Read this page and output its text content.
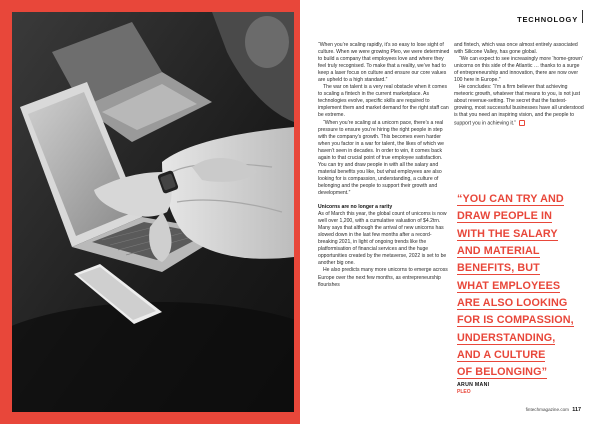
TECHNOLOGY

“When you’re scaling rapidly, it’s so easy to lose sight of culture. When we were growing Pleo, we were determined to build a company that employees love and where they feel truly recognised. To make that a reality, we’ve had to keep a laser focus on culture and ensure our core values are upheld to a high standard.”

The war on talent is a very real obstacle when it comes to scaling a fintech in the current marketplace. As technologies evolve, specific skills are required to implement them and market demand for the right staff can be extreme.

“When you’re scaling at a unicorn pace, there’s a real pressure to ensure you’re hiring the right people in step with the company’s growth. This becomes even harder when you factor in a war for talent, the likes of which we haven’t seen in decades. In order to win, it comes back again to that crucial point of true employee satisfaction. You can try and draw people in with all the salary and material benefits you like, but what employees are also looking for is compassion, understanding, a culture of belonging and the people to support their growth and development.”

Unicorns are no longer a rarity

As of March this year, the global count of unicorns is now well over 1,200, with a cumulative valuation of $4.2trn. Many says that although the arrival of new unicorns has slowed down in the last few months after a record-breaking 2021, in light of ongoing trends like the platformisation of financial services and the huge opportunities created by the metaverse, 2022 is set to be another big one.

He also predicts many more unicorns to emerge across Europe over the next few months, as entrepreneurship flourishes

and fintech, which was once almost entirely associated with Silicone Valley, has gone global.

“We can expect to see increasingly more ‘home-grown’ unicorns on this side of the Atlantic … thanks to a surge of entrepreneurship and innovation, there are now over 100 here in Europe.”

He concludes: “I’m a firm believer that achieving meteoric growth, whatever that means to you, is not just about revenue-setting. The secret that the fastest-growing, most successful businesses have all understood is that you need an inspiring vision, and the people to support you in achieving it.”

“YOU CAN TRY AND
DRAW PEOPLE IN
WITH THE SALARY
AND MATERIAL
BENEFITS, BUT
WHAT EMPLOYEES
ARE ALSO LOOKING
FOR IS COMPASSION,
UNDERSTANDING,
AND A CULTURE
OF BELONGING”
ARUN MANI
PLEO
fintechmagazine.com 117
